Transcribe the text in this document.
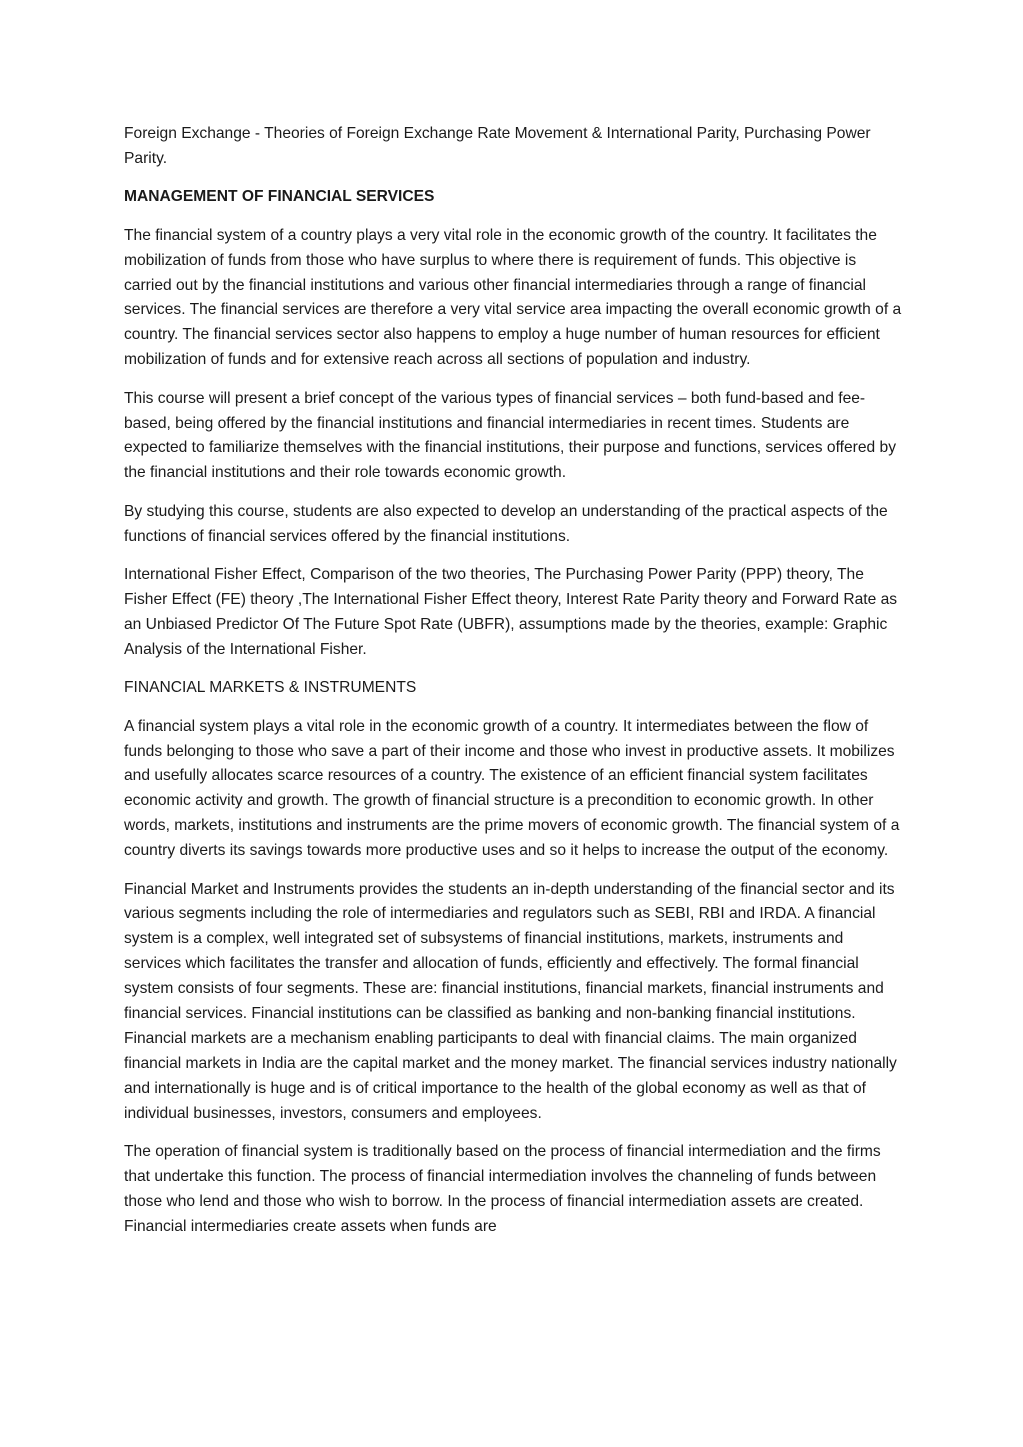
Foreign Exchange - Theories of Foreign Exchange Rate Movement & International Parity, Purchasing Power Parity.

MANAGEMENT OF FINANCIAL SERVICES

The financial system of a country plays a very vital role in the economic growth of the country. It facilitates the mobilization of funds from those who have surplus to where there is requirement of funds. This objective is carried out by the financial institutions and various other financial intermediaries through a range of financial services. The financial services are therefore a very vital service area impacting the overall economic growth of a country. The financial services sector also happens to employ a huge number of human resources for efficient mobilization of funds and for extensive reach across all sections of population and industry.

This course will present a brief concept of the various types of financial services – both fund-based and fee-based, being offered by the financial institutions and financial intermediaries in recent times. Students are expected to familiarize themselves with the financial institutions, their purpose and functions, services offered by the financial institutions and their role towards economic growth.

By studying this course, students are also expected to develop an understanding of the practical aspects of the functions of financial services offered by the financial institutions.

International Fisher Effect, Comparison of the two theories, The Purchasing Power Parity (PPP) theory, The Fisher Effect (FE) theory ,The International Fisher Effect theory, Interest Rate Parity theory and Forward Rate as an Unbiased Predictor Of The Future Spot Rate (UBFR), assumptions made by the theories, example: Graphic Analysis of the International Fisher.

FINANCIAL MARKETS & INSTRUMENTS

A financial system plays a vital role in the economic growth of a country. It intermediates between the flow of funds belonging to those who save a part of their income and those who invest in productive assets. It mobilizes and usefully allocates scarce resources of a country. The existence of an efficient financial system facilitates economic activity and growth. The growth of financial structure is a precondition to economic growth. In other words, markets, institutions and instruments are the prime movers of economic growth. The financial system of a country diverts its savings towards more productive uses and so it helps to increase the output of the economy.

Financial Market and Instruments provides the students an in-depth understanding of the financial sector and its various segments including the role of intermediaries and regulators such as SEBI, RBI and IRDA. A financial system is a complex, well integrated set of subsystems of financial institutions, markets, instruments and services which facilitates the transfer and allocation of funds, efficiently and effectively. The formal financial system consists of four segments. These are: financial institutions, financial markets, financial instruments and financial services. Financial institutions can be classified as banking and non-banking financial institutions. Financial markets are a mechanism enabling participants to deal with financial claims. The main organized financial markets in India are the capital market and the money market. The financial services industry nationally and internationally is huge and is of critical importance to the health of the global economy as well as that of individual businesses, investors, consumers and employees.

The operation of financial system is traditionally based on the process of financial intermediation and the firms that undertake this function. The process of financial intermediation involves the channeling of funds between those who lend and those who wish to borrow. In the process of financial intermediation assets are created. Financial intermediaries create assets when funds are
